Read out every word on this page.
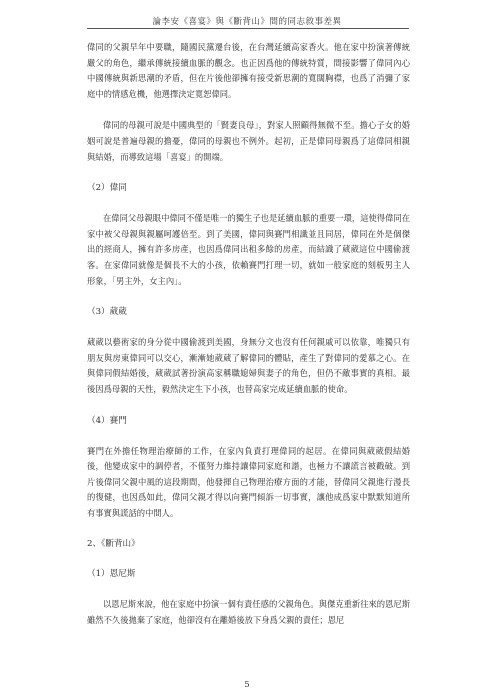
論李安《喜宴》與《斷背山》間的同志敘事差異

偉同的父親早年中要職，隨國民黨遷台後，在台灣延續高家香火。他在家中扮演著傳統嚴父的角色，繼承傳統接續血脈的觀念。也正因爲他的傳統特質，間接影響了偉同內心中國傳統與新思潮的矛盾，但在片後他卻擁有接受新思潮的寬闊胸襟，也爲了消彌了家庭中的情感危機，他選擇決定寬恕偉同。

偉同的母親可說是中國典型的「賢妻良母」，對家人照顧得無微不至。擔心子女的婚姻可說是普遍母親的擔憂，偉同的母親也不例外。起初，正是偉同母親爲了這偉同相親與結婚，而導致這場「喜宴」的開端。

（2）偉同

在偉同父母親眼中偉同不僅是唯一的獨生子也是延續血脈的重要一環，這使得偉同在家中被父母親與親屬呵護倍至。到了美國，偉同與賽門相識並且同居，偉同在外是個傑出的經商人，擁有許多房產，也因爲偉同出租多餘的房產，而結識了葳葳這位中國偷渡客。在家偉同就像是個長不大的小孩，依賴賽門打理一切，就如一般家庭的刻板男主人形象，「男主外，女主內」。

（3）葳葳

葳葳以藝術家的身分從中國偷渡到美國，身無分文也沒有任何親戚可以依靠，唯獨只有朋友與房東偉同可以交心，漸漸她葳葳了解偉同的體貼，產生了對偉同的愛慕之心。在與偉同假結婚後，葳葳試著扮演高家稱職媳婦與妻子的角色，但仍不敵事實的真相。最後因爲母親的天性，毅然決定生下小孩，也替高家完成延續血脈的使命。

（4）賽門

賽門在外擔任物理治療師的工作，在家內負責打理偉同的起居。在偉同與葳葳假結婚後，他變成家中的調停者，不僅努力維持讓偉同家庭和諧，也極力不讓謊言被戳破。到片後偉同父親中風的這段期間，他發揮自己物理治療方面的才能，替偉同父親進行漫長的復健，也因爲如此，偉同父親才得以向賽門傾訴一切事實，讓他成爲家中默默知道所有事實與謊話的中間人。

2、《斷背山》

（1）恩尼斯

以恩尼斯來說，他在家庭中扮演一個有責任感的父親角色。與傑克重新往來的恩尼斯雖然不久後拋棄了家庭，他卻沒有在離婚後放下身爲父親的責任；恩尼

5
